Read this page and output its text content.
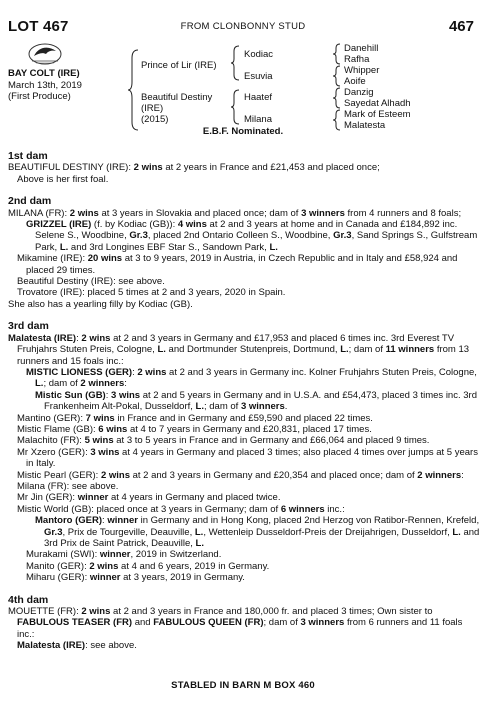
LOT 467	FROM CLONBONNY STUD	467
BAY COLT (IRE)
March 13th, 2019
(First Produce)
Prince of Lir (IRE)
Beautiful Destiny
(IRE)
(2015)
Kodiac
Esuvia
Haatef
Milana
Danehill
Rafha
Whipper
Aoife
Danzig
Sayedat Alhadh
Mark of Esteem
Malatesta
E.B.F. Nominated.

1st dam

BEAUTIFUL DESTINY (IRE): 2 wins at 2 years in France and £21,453 and placed once;
Above is her first foal.

2nd dam

MILANA (FR): 2 wins at 3 years in Slovakia and placed once; dam of 3 winners from 4 runners and 8 foals;

GRIZZEL (IRE) (f. by Kodiac (GB)): 4 wins at 2 and 3 years at home and in Canada and £184,892 inc. Selene S., Woodbine, Gr.3, placed 2nd Ontario Colleen S., Woodbine, Gr.3, Sand Springs S., Gulfstream Park, L. and 3rd Longines EBF Star S., Sandown Park, L.

Mikamine (IRE): 20 wins at 3 to 9 years, 2019 in Austria, in Czech Republic and in Italy and £58,924 and placed 29 times.

Beautiful Destiny (IRE): see above.

Trovatore (IRE): placed 5 times at 2 and 3 years, 2020 in Spain.

She also has a yearling filly by Kodiac (GB).

3rd dam

Malatesta (IRE): 2 wins at 2 and 3 years in Germany and £17,953 and placed 6 times inc. 3rd Everest TV Fruhjahrs Stuten Preis, Cologne, L. and Dortmunder Stutenpreis, Dortmund, L.; dam of 11 winners from 13 runners and 15 foals inc.:

MISTIC LIONESS (GER): 2 wins at 2 and 3 years in Germany inc. Kolner Fruhjahrs Stuten Preis, Cologne, L.; dam of 2 winners:

Mistic Sun (GB): 3 wins at 2 and 5 years in Germany and in U.S.A. and £54,473, placed 3 times inc. 3rd Frankenheim Alt-Pokal, Dusseldorf, L.; dam of 3 winners.

Mantino (GER): 7 wins in France and in Germany and £59,590 and placed 22 times.

Mistic Flame (GB): 6 wins at 4 to 7 years in Germany and £20,831, placed 17 times.

Malachito (FR): 5 wins at 3 to 5 years in France and in Germany and £66,064 and placed 9 times.

Mr Xzero (GER): 3 wins at 4 years in Germany and placed 3 times; also placed 4 times over jumps at 5 years in Italy.

Mistic Pearl (GER): 2 wins at 2 and 3 years in Germany and £20,354 and placed once; dam of 2 winners:

Milana (FR): see above.

Mr Jin (GER): winner at 4 years in Germany and placed twice.

Mistic World (GB): placed once at 3 years in Germany; dam of 6 winners inc.:

Mantoro (GER): winner in Germany and in Hong Kong, placed 2nd Herzog von Ratibor-Rennen, Krefeld, Gr.3, Prix de Tourgeville, Deauville, L., Wettenleip Dusseldorf-Preis der Dreijahrigen, Dusseldorf, L. and 3rd Prix de Saint Patrick, Deauville, L.

Murakami (SWI): winner, 2019 in Switzerland.

Manito (GER): 2 wins at 4 and 6 years, 2019 in Germany.

Miharu (GER): winner at 3 years, 2019 in Germany.

4th dam

MOUETTE (FR): 2 wins at 2 and 3 years in France and 180,000 fr. and placed 3 times; Own sister to FABULOUS TEASER (FR) and FABULOUS QUEEN (FR); dam of 3 winners from 6 runners and 11 foals inc.:

Malatesta (IRE): see above.

STABLED IN BARN M BOX 460
